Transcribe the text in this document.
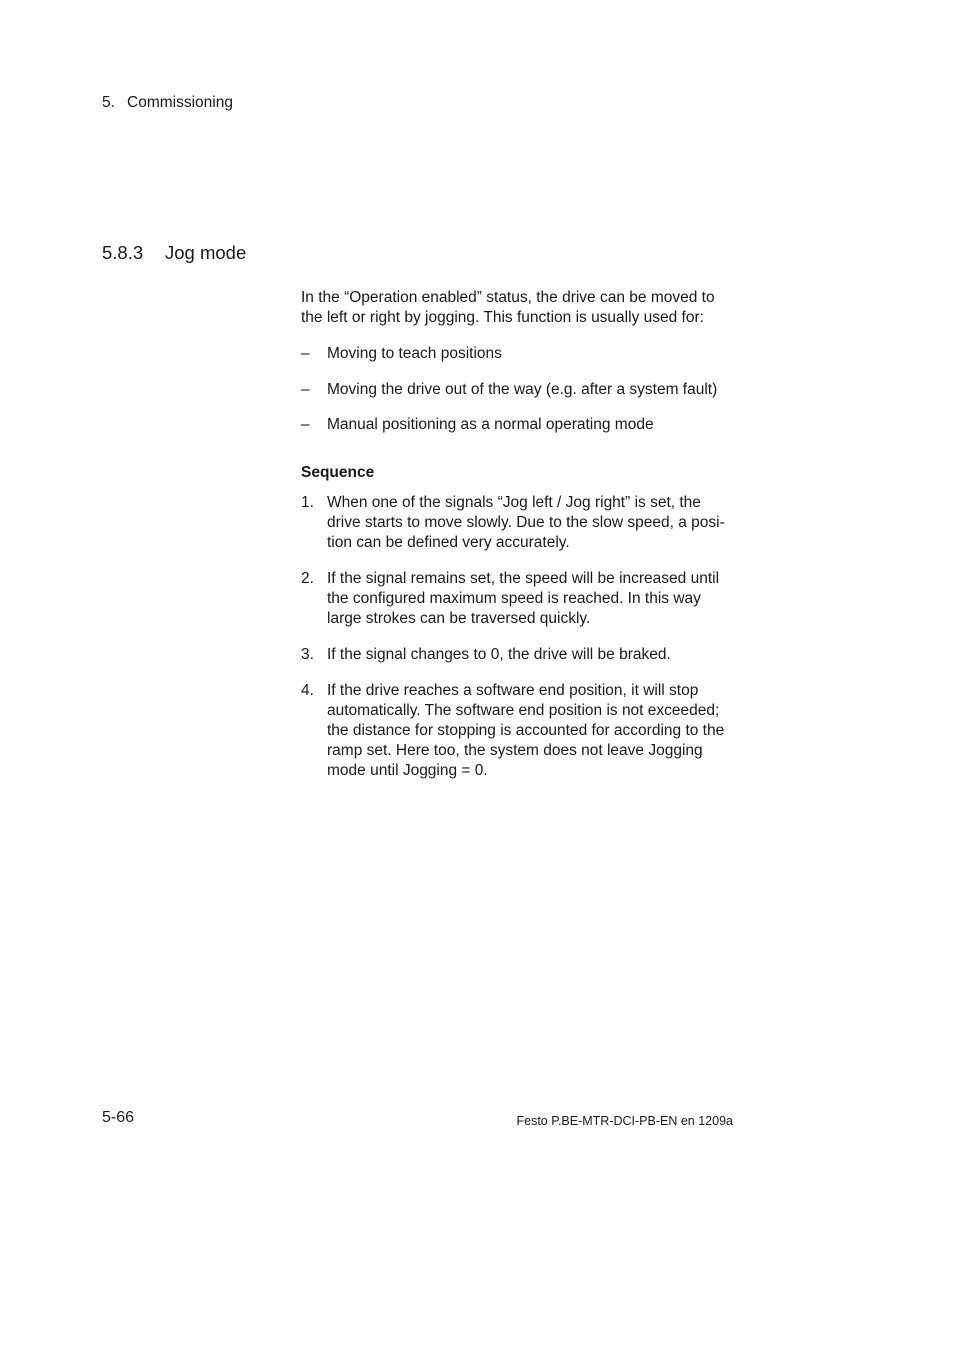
5. Commissioning
5.8.3 Jog mode

In the “Operation enabled” status, the drive can be moved to the left or right by jogging. This function is usually used for:

– Moving to teach positions
– Moving the drive out of the way (e.g. after a system fault)
– Manual positioning as a normal operating mode
Sequence
1. When one of the signals “Jog left / Jog right” is set, the drive starts to move slowly. Due to the slow speed, a position can be defined very accurately.
2. If the signal remains set, the speed will be increased until the configured maximum speed is reached. In this way large strokes can be traversed quickly.
3. If the signal changes to 0, the drive will be braked.
4. If the drive reaches a software end position, it will stop automatically. The software end position is not exceeded; the distance for stopping is accounted for according to the ramp set. Here too, the system does not leave Jogging mode until Jogging = 0.
5-66	Festo P.BE-MTR-DCI-PB-EN en 1209a
